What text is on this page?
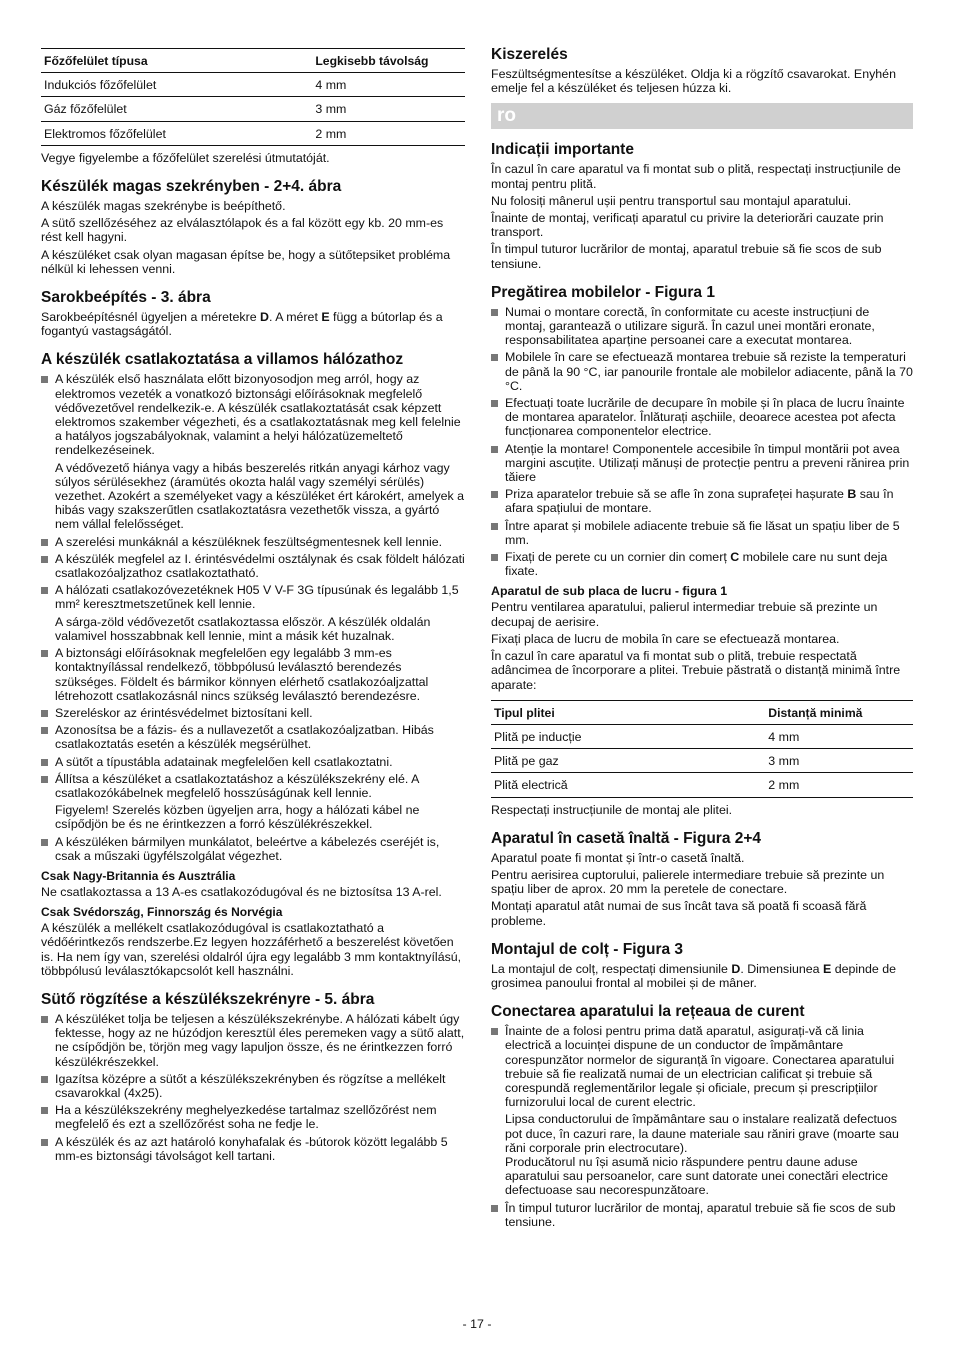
Főzőfelület típusa	Legkisebb távolság
Indukciós főzőfelület	4 mm
Gáz főzőfelület	3 mm
Elektromos főzőfelület	2 mm

Vegye figyelembe a főzőfelület szerelési útmutatóját.

Készülék magas szekrényben - 2+4. ábra

A készülék magas szekrénybe is beépíthető.

A sütő szellőzéséhez az elválasztólapok és a fal között egy kb. 20 mm-es rést kell hagyni.

A készüléket csak olyan magasan építse be, hogy a sütőtepsiket probléma nélkül ki lehessen venni.

Sarokbeépítés - 3. ábra

Sarokbeépítésnél ügyeljen a méretekre D. A méret E függ a bútorlap és a fogantyú vastagságától.

A készülék csatlakoztatása a villamos hálózathoz
A készülék első használata előtt bizonyosodjon meg arról, hogy az elektromos vezeték a vonatkozó biztonsági előírásoknak megfelelő védővezetővel rendelkezik-e. A készülék csatlakoztatását csak képzett elektromos szakember végezheti, és a csatlakoztatásnak meg kell felelnie a hatályos jogszabályoknak, valamint a helyi hálózatüzemeltető rendelkezéseinek.
A védővezető hiánya vagy a hibás beszerelés ritkán anyagi kárhoz vagy súlyos sérülésekhez (áramütés okozta halál vagy személyi sérülés) vezethet. Azokért a személyeket vagy a készüléket ért károkért, amelyek a hibás vagy szakszerűtlen csatlakoztatásra vezethetők vissza, a gyártó nem vállal felelősséget.
A szerelési munkáknál a készüléknek feszültségmentesnek kell lennie.
A készülék megfelel az I. érintésvédelmi osztálynak és csak földelt hálózati csatlakozóaljzathoz csatlakoztatható.
A hálózati csatlakozóvezetéknek H05 V V-F 3G típusúnak és legalább 1,5 mm² keresztmetszetűnek kell lennie.
A sárga-zöld védővezetőt csatlakoztassa először. A készülék oldalán valamivel hosszabbnak kell lennie, mint a másik két huzalnak.
A biztonsági előírásoknak megfelelően egy legalább 3 mm-es kontaktnyílással rendelkező, többpólusú leválasztó berendezés szükséges. Földelt és bármikor könnyen elérhető csatlakozóaljzattal létrehozott csatlakozásnál nincs szükség leválasztó berendezésre.
Szereléskor az érintésvédelmet biztosítani kell.
Azonosítsa be a fázis- és a nullavezetőt a csatlakozóaljzatban. Hibás csatlakoztatás esetén a készülék megsérülhet.
A sütőt a típustábla adatainak megfelelően kell csatlakoztatni.
Állítsa a készüléket a csatlakoztatáshoz a készülékszekrény elé. A csatlakozókábelnek megfelelő hosszúságúnak kell lennie.
Figyelem! Szerelés közben ügyeljen arra, hogy a hálózati kábel ne csípődjön be és ne érintkezzen a forró készülékrészekkel.
A készüléken bármilyen munkálatot, beleértve a kábelezés cseréjét is, csak a műszaki ügyfélszolgálat végezhet.
Csak Nagy-Britannia és Ausztrália

Ne csatlakoztassa a 13 A-es csatlakozódugóval és ne biztosítsa 13 A-rel.

Csak Svédország, Finnország és Norvégia

A készülék a mellékelt csatlakozódugóval is csatlakoztatható a védőérintkezős rendszerbe.Ez legyen hozzáférhető a beszerelést követően is. Ha nem így van, szerelési oldalról újra egy legalább 3 mm kontaktnyílású, többpólusú leválasztókapcsolót kell használni.

Sütő rögzítése a készülékszekrényre - 5. ábra
A készüléket tolja be teljesen a készülékszekrénybe. A hálózati kábelt úgy fektesse, hogy az ne húzódjon keresztül éles peremeken vagy a sütő alatt, ne csípődjön be, törjön meg vagy lapuljon össze, és ne érintkezzen forró készülékrészekkel.
Igazítsa középre a sütőt a készülékszekrényben és rögzítse a mellékelt csavarokkal (4x25).
Ha a készülékszekrény meghelyezkedése tartalmaz szellőzőrést nem megfelelő és ezt a szellőzőrést soha ne fedje le.
A készülék és az azt határoló konyhafalak és -bútorok között legalább 5 mm-es biztonsági távolságot kell tartani.
Kiszerelés

Feszültségmentesítse a készüléket. Oldja ki a rögzítő csavarokat. Enyhén emelje fel a készüléket és teljesen húzza ki.

ro
Indicații importante

În cazul în care aparatul va fi montat sub o plită, respectați instrucțiunile de montaj pentru plită.

Nu folosiți mânerul ușii pentru transportul sau montajul aparatului.

Înainte de montaj, verificați aparatul cu privire la deteriorări cauzate prin transport.

În timpul tuturor lucrărilor de montaj, aparatul trebuie să fie scos de sub tensiune.

Pregătirea mobilelor - Figura 1
Numai o montare corectă, în conformitate cu aceste instrucțiuni de montaj, garantează o utilizare sigură. În cazul unei montări eronate, responsabilitatea aparține persoanei care a executat montarea.
Mobilele în care se efectuează montarea trebuie să reziste la temperaturi de până la 90 °C, iar panourile frontale ale mobilelor adiacente, până la 70 °C.
Efectuați toate lucrările de decupare în mobile și în placa de lucru înainte de montarea aparatelor. Înlăturați așchiile, deoarece acestea pot afecta funcționarea componentelor electrice.
Atenție la montare! Componentele accesibile în timpul montării pot avea margini ascuțite. Utilizați mănuși de protecție pentru a preveni rănirea prin tăiere
Priza aparatelor trebuie să se afle în zona suprafeței hașurate B sau în afara spațiului de montare.
Între aparat și mobilele adiacente trebuie să fie lăsat un spațiu liber de 5 mm.
Fixați de perete cu un cornier din comerț C mobilele care nu sunt deja fixate.
Aparatul de sub placa de lucru - figura 1

Pentru ventilarea aparatului, palierul intermediar trebuie să prezinte un decupaj de aerisire.

Fixați placa de lucru de mobila în care se efectuează montarea.

În cazul în care aparatul va fi montat sub o plită, trebuie respectată adâncimea de încorporare a plitei. Trebuie păstrată o distanță minimă între aparate:

Tipul plitei	Distanță minimă
Plită pe inducție	4 mm
Plită pe gaz	3 mm
Plită electrică	2 mm

Respectați instrucțiunile de montaj ale plitei.

Aparatul în casetă înaltă - Figura 2+4

Aparatul poate fi montat și într-o casetă înaltă.

Pentru aerisirea cuptorului, palierele intermediare trebuie să prezinte un spațiu liber de aprox. 20 mm la peretele de conectare.

Montați aparatul atât numai de sus încât tava să poată fi scoasă fără probleme.

Montajul de colț - Figura 3

La montajul de colț, respectați dimensiunile D. Dimensiunea E depinde de grosimea panoului frontal al mobilei și de mâner.

Conectarea aparatului la rețeaua de curent
Înainte de a folosi pentru prima dată aparatul, asigurați-vă că linia electrică a locuinței dispune de un conductor de împământare corespunzător normelor de siguranță în vigoare. Conectarea aparatului trebuie să fie realizată numai de un electrician calificat și trebuie să corespundă reglementărilor legale și oficiale, precum și prescripțiilor furnizorului local de curent electric.
Lipsa conductorului de împământare sau o instalare realizată defectuos pot duce, în cazuri rare, la daune materiale sau răniri grave (moarte sau răni corporale prin electrocutare).
Producătorul nu își asumă nicio răspundere pentru daune aduse aparatului sau persoanelor, care sunt datorate unei conectări electrice defectuoase sau necorespunzătoare.
În timpul tuturor lucrărilor de montaj, aparatul trebuie să fie scos de sub tensiune.
- 17 -
